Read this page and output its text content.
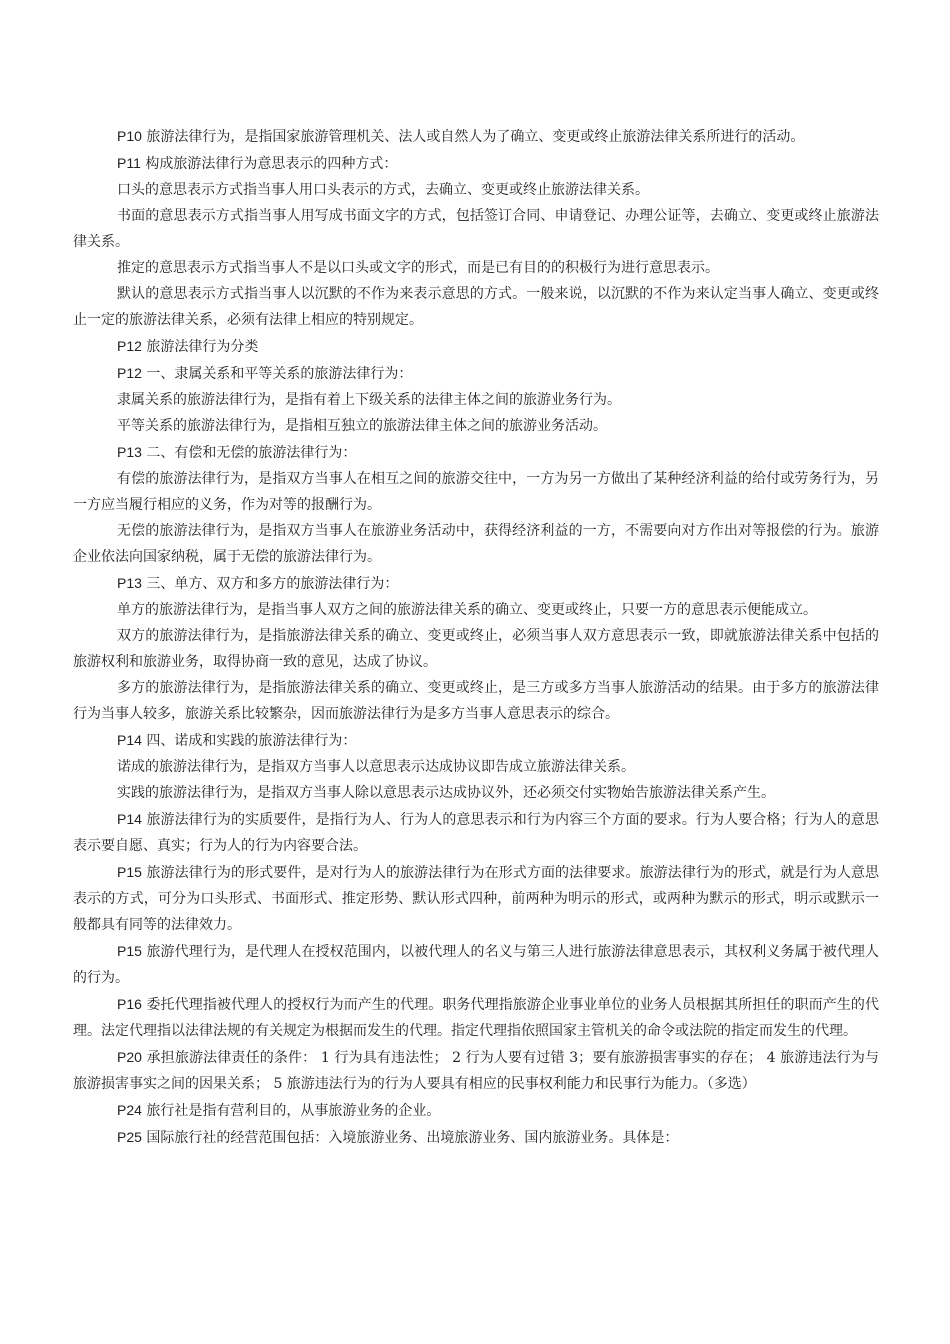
P10 旅游法律行为，是指国家旅游管理机关、法人或自然人为了确立、变更或终止旅游法律关系所进行的活动。

P11 构成旅游法律行为意思表示的四种方式：

口头的意思表示方式指当事人用口头表示的方式，去确立、变更或终止旅游法律关系。

书面的意思表示方式指当事人用写成书面文字的方式，包括签订合同、申请登记、办理公证等，去确立、变更或终止旅游法律关系。

推定的意思表示方式指当事人不是以口头或文字的形式，而是已有目的的积极行为进行意思表示。

默认的意思表示方式指当事人以沉默的不作为来表示意思的方式。一般来说，以沉默的不作为来认定当事人确立、变更或终止一定的旅游法律关系，必须有法律上相应的特别规定。

P12 旅游法律行为分类

P12 一、隶属关系和平等关系的旅游法律行为：

隶属关系的旅游法律行为，是指有着上下级关系的法律主体之间的旅游业务行为。

平等关系的旅游法律行为，是指相互独立的旅游法律主体之间的旅游业务活动。

P13 二、有偿和无偿的旅游法律行为：

有偿的旅游法律行为，是指双方当事人在相互之间的旅游交往中，一方为另一方做出了某种经济利益的给付或劳务行为，另一方应当履行相应的义务，作为对等的报酬行为。

无偿的旅游法律行为，是指双方当事人在旅游业务活动中，获得经济利益的一方，不需要向对方作出对等报偿的行为。旅游企业依法向国家纳税，属于无偿的旅游法律行为。

P13 三、单方、双方和多方的旅游法律行为：

单方的旅游法律行为，是指当事人双方之间的旅游法律关系的确立、变更或终止，只要一方的意思表示便能成立。

双方的旅游法律行为，是指旅游法律关系的确立、变更或终止，必须当事人双方意思表示一致，即就旅游法律关系中包括的旅游权利和旅游业务，取得协商一致的意见，达成了协议。

多方的旅游法律行为，是指旅游法律关系的确立、变更或终止，是三方或多方当事人旅游活动的结果。由于多方的旅游法律行为当事人较多，旅游关系比较繁杂，因而旅游法律行为是多方当事人意思表示的综合。

P14 四、诺成和实践的旅游法律行为：

诺成的旅游法律行为，是指双方当事人以意思表示达成协议即告成立旅游法律关系。

实践的旅游法律行为，是指双方当事人除以意思表示达成协议外，还必须交付实物始告旅游法律关系产生。

P14 旅游法律行为的实质要件，是指行为人、行为人的意思表示和行为内容三个方面的要求。行为人要合格；行为人的意思表示要自愿、真实；行为人的行为内容要合法。

P15 旅游法律行为的形式要件，是对行为人的旅游法律行为在形式方面的法律要求。旅游法律行为的形式，就是行为人意思表示的方式，可分为口头形式、书面形式、推定形势、默认形式四种，前两种为明示的形式，或两种为默示的形式，明示或默示一般都具有同等的法律效力。

P15 旅游代理行为，是代理人在授权范围内，以被代理人的名义与第三人进行旅游法律意思表示，其权利义务属于被代理人的行为。

P16 委托代理指被代理人的授权行为而产生的代理。职务代理指旅游企业事业单位的业务人员根据其所担任的职而产生的代理。法定代理指以法律法规的有关规定为根据而发生的代理。指定代理指依照国家主管机关的命令或法院的指定而发生的代理。

P20 承担旅游法律责任的条件： 1 行为具有违法性； 2 行为人要有过错 3；要有旅游损害事实的存在； 4 旅游违法行为与旅游损害事实之间的因果关系； 5 旅游违法行为的行为人要具有相应的民事权利能力和民事行为能力。（多选）

P24 旅行社是指有营利目的，从事旅游业务的企业。

P25 国际旅行社的经营范围包括：入境旅游业务、出境旅游业务、国内旅游业务。具体是：
